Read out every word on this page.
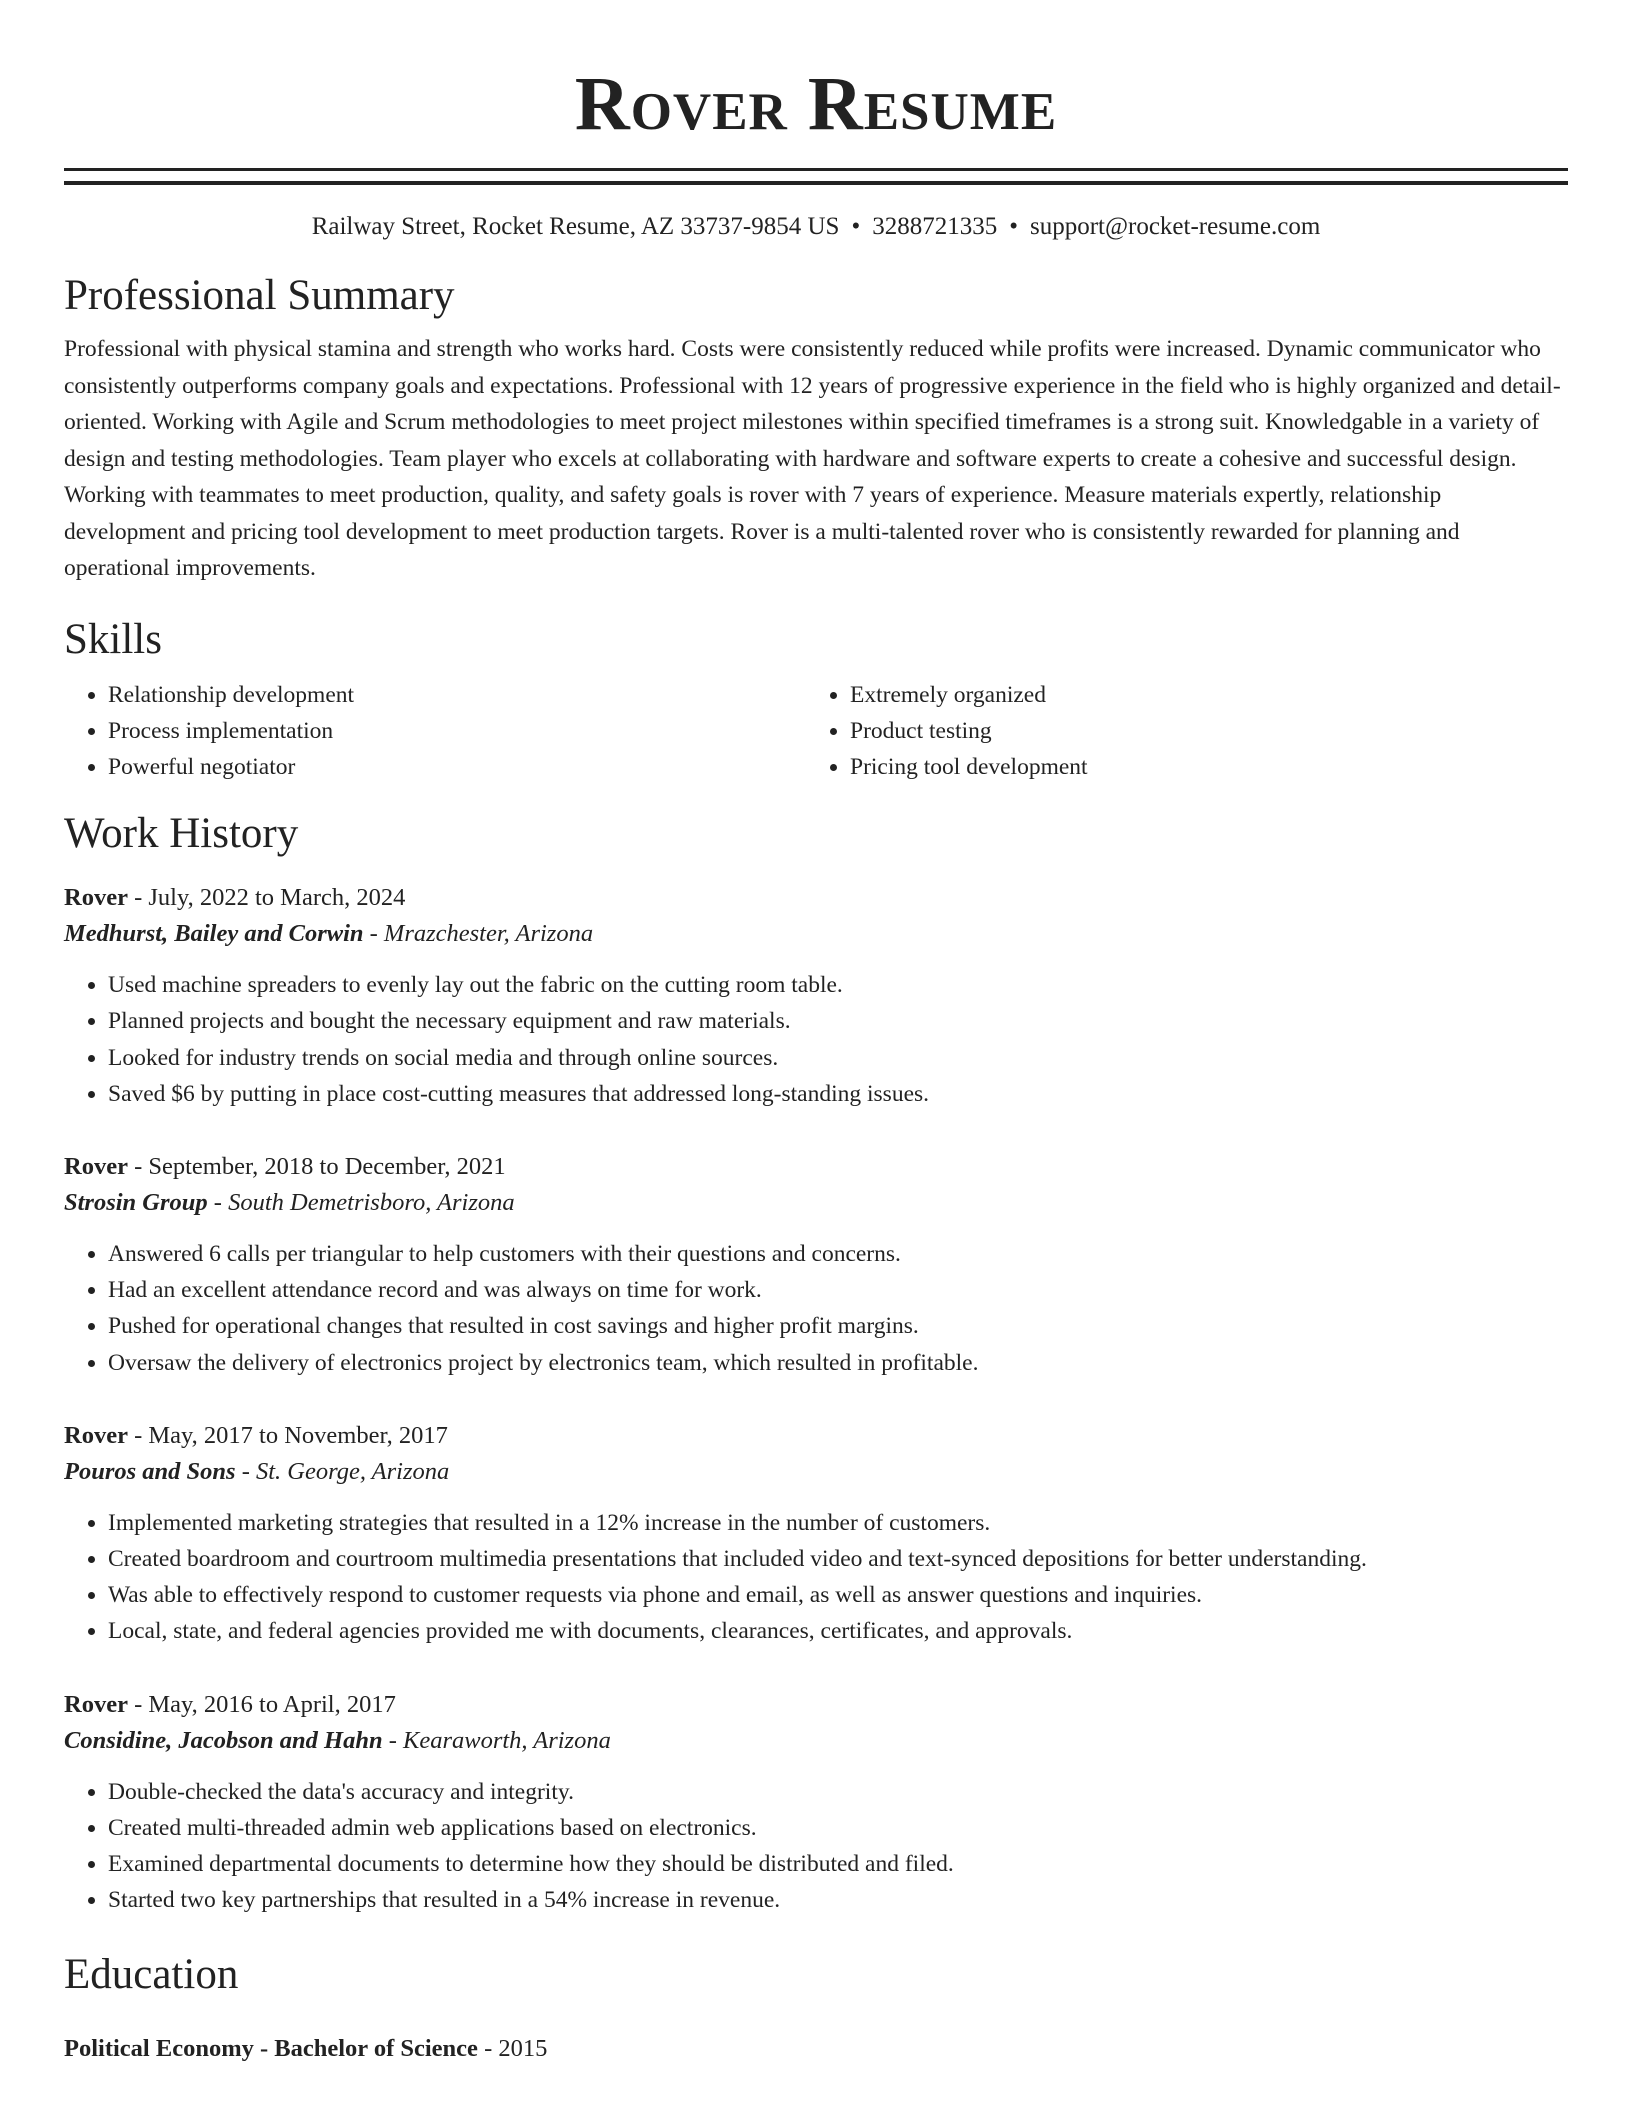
Rover Resume
Railway Street, Rocket Resume, AZ 33737-9854 US • 3288721335 • support@rocket-resume.com
Professional Summary

Professional with physical stamina and strength who works hard. Costs were consistently reduced while profits were increased. Dynamic communicator who consistently outperforms company goals and expectations. Professional with 12 years of progressive experience in the field who is highly organized and detail-oriented. Working with Agile and Scrum methodologies to meet project milestones within specified timeframes is a strong suit. Knowledgable in a variety of design and testing methodologies. Team player who excels at collaborating with hardware and software experts to create a cohesive and successful design. Working with teammates to meet production, quality, and safety goals is rover with 7 years of experience. Measure materials expertly, relationship development and pricing tool development to meet production targets. Rover is a multi-talented rover who is consistently rewarded for planning and operational improvements.

Skills
• Relationship development
• Process implementation
• Powerful negotiator
• Extremely organized
• Product testing
• Pricing tool development
Work History
Rover - July, 2022 to March, 2024
Medhurst, Bailey and Corwin - Mrazchester, Arizona
• Used machine spreaders to evenly lay out the fabric on the cutting room table.
• Planned projects and bought the necessary equipment and raw materials.
• Looked for industry trends on social media and through online sources.
• Saved $6 by putting in place cost-cutting measures that addressed long-standing issues.
Rover - September, 2018 to December, 2021
Strosin Group - South Demetrisboro, Arizona
• Answered 6 calls per triangular to help customers with their questions and concerns.
• Had an excellent attendance record and was always on time for work.
• Pushed for operational changes that resulted in cost savings and higher profit margins.
• Oversaw the delivery of electronics project by electronics team, which resulted in profitable.
Rover - May, 2017 to November, 2017
Pouros and Sons - St. George, Arizona
• Implemented marketing strategies that resulted in a 12% increase in the number of customers.
• Created boardroom and courtroom multimedia presentations that included video and text-synced depositions for better understanding.
• Was able to effectively respond to customer requests via phone and email, as well as answer questions and inquiries.
• Local, state, and federal agencies provided me with documents, clearances, certificates, and approvals.
Rover - May, 2016 to April, 2017
Considine, Jacobson and Hahn - Kearaworth, Arizona
• Double-checked the data's accuracy and integrity.
• Created multi-threaded admin web applications based on electronics.
• Examined departmental documents to determine how they should be distributed and filed.
• Started two key partnerships that resulted in a 54% increase in revenue.
Education
Political Economy - Bachelor of Science - 2015
